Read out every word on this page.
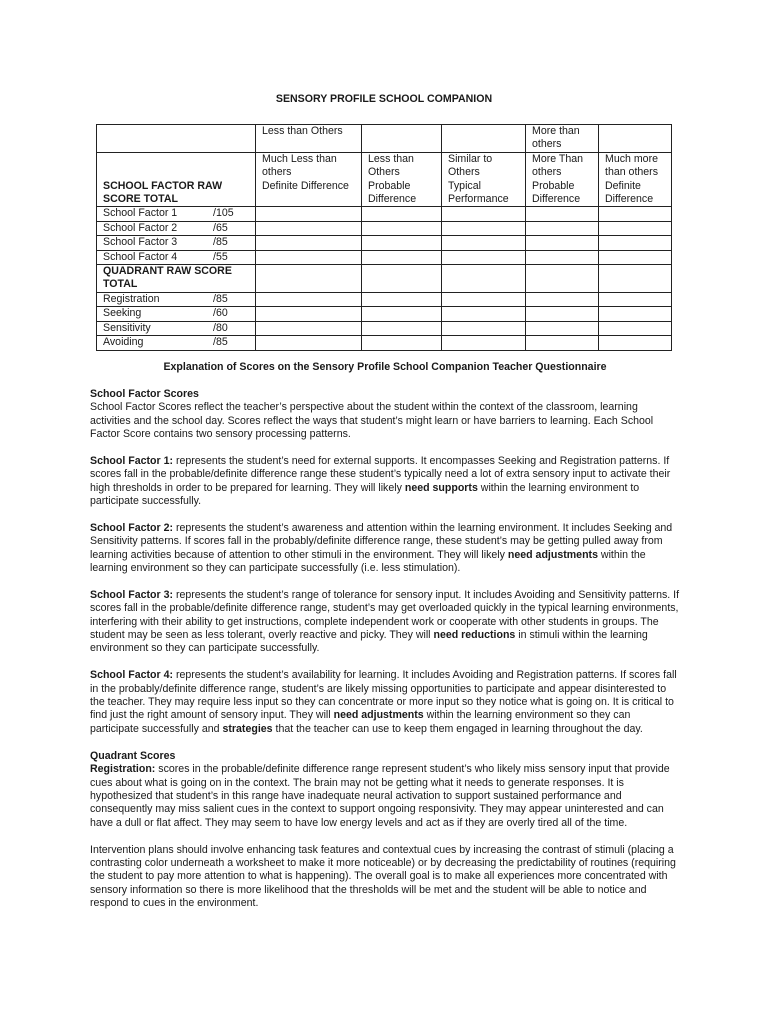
SENSORY PROFILE SCHOOL COMPANION
	Less than Others			More than others	
	Much Less than others	Less than Others	Similar to Others	More Than others	Much more than others
SCHOOL FACTOR RAW SCORE TOTAL	Definite Difference	Probable Difference	Typical Performance	Probable Difference	Definite Difference

School Factor 1 /105					

School Factor 2 /65					

School Factor 3 /85					

School Factor 4 /55					

QUADRANT RAW SCORE TOTAL					

Registration /85					

Seeking /60					

Sensitivity /80					

Avoiding /85					

Explanation of Scores on the Sensory Profile School Companion Teacher Questionnaire

School Factor Scores

School Factor Scores reflect the teacher’s perspective about the student within the context of the classroom, learning activities and the school day. Scores reflect the ways that student’s might learn or have barriers to learning. Each School Factor Score contains two sensory processing patterns.

School Factor 1: represents the student’s need for external supports. It encompasses Seeking and Registration patterns. If scores fall in the probable/definite difference range these student’s typically need a lot of extra sensory input to activate their high thresholds in order to be prepared for learning. They will likely need supports within the learning environment to participate successfully.

School Factor 2: represents the student’s awareness and attention within the learning environment. It includes Seeking and Sensitivity patterns. If scores fall in the probably/definite difference range, these student’s may be getting pulled away from learning activities because of attention to other stimuli in the environment. They will likely need adjustments within the learning environment so they can participate successfully (i.e. less stimulation).

School Factor 3: represents the student’s range of tolerance for sensory input. It includes Avoiding and Sensitivity patterns. If scores fall in the probable/definite difference range, student’s may get overloaded quickly in the typical learning environments, interfering with their ability to get instructions, complete independent work or cooperate with other students in groups. The student may be seen as less tolerant, overly reactive and picky. They will need reductions in stimuli within the learning environment so they can participate successfully.

School Factor 4: represents the student’s availability for learning. It includes Avoiding and Registration patterns. If scores fall in the probably/definite difference range, student’s are likely missing opportunities to participate and appear disinterested to the teacher. They may require less input so they can concentrate or more input so they notice what is going on. It is critical to find just the right amount of sensory input. They will need adjustments within the learning environment so they can participate successfully and strategies that the teacher can use to keep them engaged in learning throughout the day.

Quadrant Scores

Registration: scores in the probable/definite difference range represent student’s who likely miss sensory input that provide cues about what is going on in the context. The brain may not be getting what it needs to generate responses. It is hypothesized that student’s in this range have inadequate neural activation to support sustained performance and consequently may miss salient cues in the context to support ongoing responsivity. They may appear uninterested and can have a dull or flat affect. They may seem to have low energy levels and act as if they are overly tired all of the time.

Intervention plans should involve enhancing task features and contextual cues by increasing the contrast of stimuli (placing a contrasting color underneath a worksheet to make it more noticeable) or by decreasing the predictability of routines (requiring the student to pay more attention to what is happening). The overall goal is to make all experiences more concentrated with sensory information so there is more likelihood that the thresholds will be met and the student will be able to notice and respond to cues in the environment.
